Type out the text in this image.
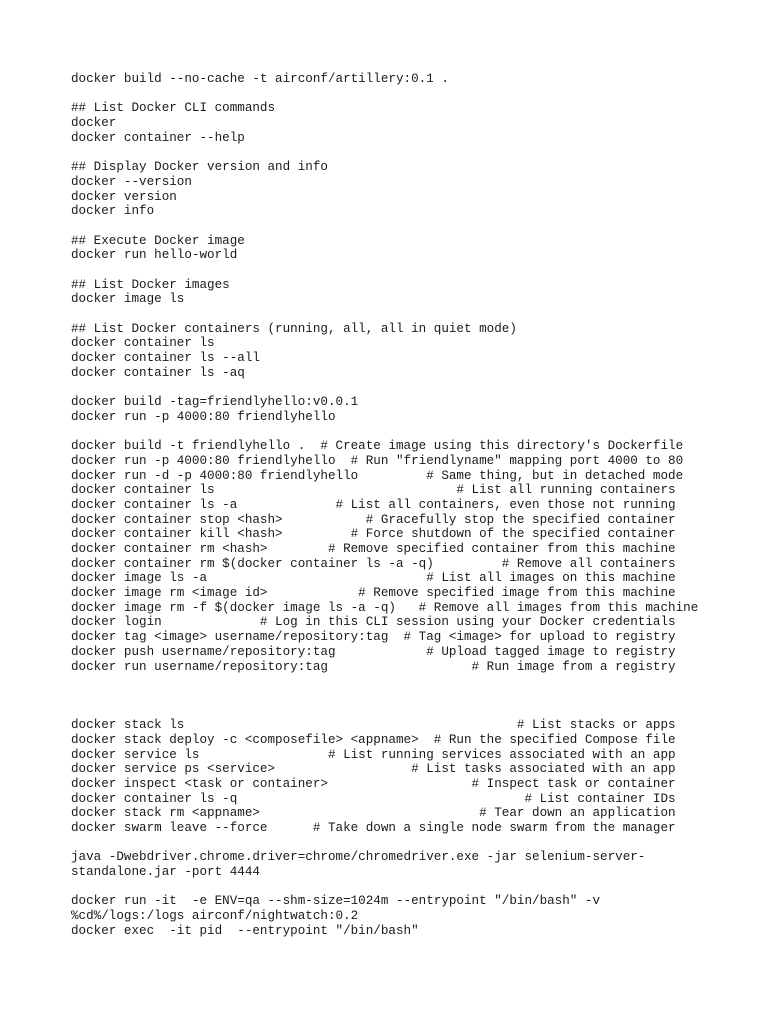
docker build --no-cache -t airconf/artillery:0.1 .
## List Docker CLI commands
docker
docker container --help
## Display Docker version and info
docker --version
docker version
docker info
## Execute Docker image
docker run hello-world
## List Docker images
docker image ls
## List Docker containers (running, all, all in quiet mode)
docker container ls
docker container ls --all
docker container ls -aq
docker build -tag=friendlyhello:v0.0.1
docker run -p 4000:80 friendlyhello
docker build -t friendlyhello .  # Create image using this directory's Dockerfile
docker run -p 4000:80 friendlyhello  # Run "friendlyname" mapping port 4000 to 80
docker run -d -p 4000:80 friendlyhello         # Same thing, but in detached mode
docker container ls                                # List all running containers
docker container ls -a             # List all containers, even those not running
docker container stop <hash>           # Gracefully stop the specified container
docker container kill <hash>         # Force shutdown of the specified container
docker container rm <hash>        # Remove specified container from this machine
docker container rm $(docker container ls -a -q)         # Remove all containers
docker image ls -a                             # List all images on this machine
docker image rm <image id>            # Remove specified image from this machine
docker image rm -f $(docker image ls -a -q)   # Remove all images from this machine
docker login             # Log in this CLI session using your Docker credentials
docker tag <image> username/repository:tag  # Tag <image> for upload to registry
docker push username/repository:tag            # Upload tagged image to registry
docker run username/repository:tag                   # Run image from a registry
docker stack ls                                            # List stacks or apps
docker stack deploy -c <composefile> <appname>  # Run the specified Compose file
docker service ls                 # List running services associated with an app
docker service ps <service>                  # List tasks associated with an app
docker inspect <task or container>                   # Inspect task or container
docker container ls -q                                      # List container IDs
docker stack rm <appname>                             # Tear down an application
docker swarm leave --force      # Take down a single node swarm from the manager
java -Dwebdriver.chrome.driver=chrome/chromedriver.exe -jar selenium-server-
standalone.jar -port 4444
docker run -it  -e ENV=qa --shm-size=1024m --entrypoint "/bin/bash" -v
%cd%/logs:/logs airconf/nightwatch:0.2
docker exec  -it pid  --entrypoint "/bin/bash"
